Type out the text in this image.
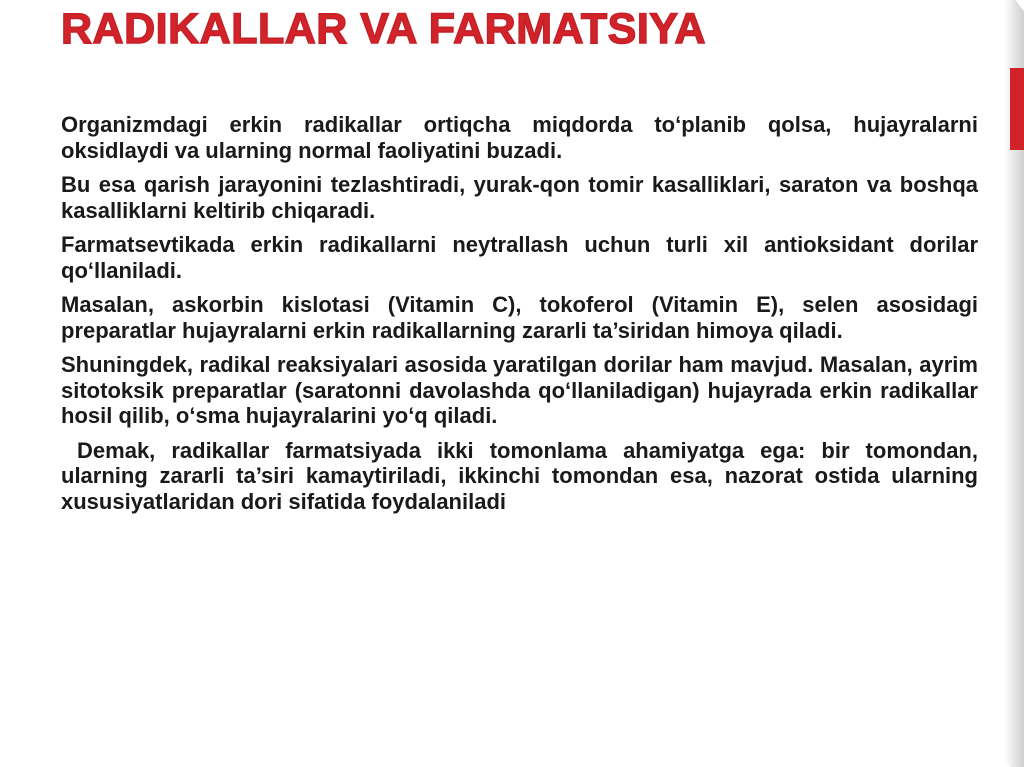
RADIKALLAR VA FARMATSIYA

Organizmdagi erkin radikallar ortiqcha miqdorda to‘planib qolsa, hujayralarni oksidlaydi va ularning normal faoliyatini buzadi.

Bu esa qarish jarayonini tezlashtiradi, yurak-qon tomir kasalliklari, saraton va boshqa kasalliklarni keltirib chiqaradi.

Farmatsevtikada erkin radikallarni neytrallash uchun turli xil antioksidant dorilar qo‘llaniladi.

Masalan, askorbin kislotasi (Vitamin C), tokoferol (Vitamin E), selen asosidagi preparatlar hujayralarni erkin radikallarning zararli ta’siridan himoya qiladi.

Shuningdek, radikal reaksiyalari asosida yaratilgan dorilar ham mavjud. Masalan, ayrim sitotoksik preparatlar (saratonni davolashda qo‘llaniladigan) hujayrada erkin radikallar hosil qilib, o‘sma hujayralarini yo‘q qiladi.

Demak, radikallar farmatsiyada ikki tomonlama ahamiyatga ega: bir tomondan, ularning zararli ta’siri kamaytiriladi, ikkinchi tomondan esa, nazorat ostida ularning xususiyatlaridan dori sifatida foydalaniladi
